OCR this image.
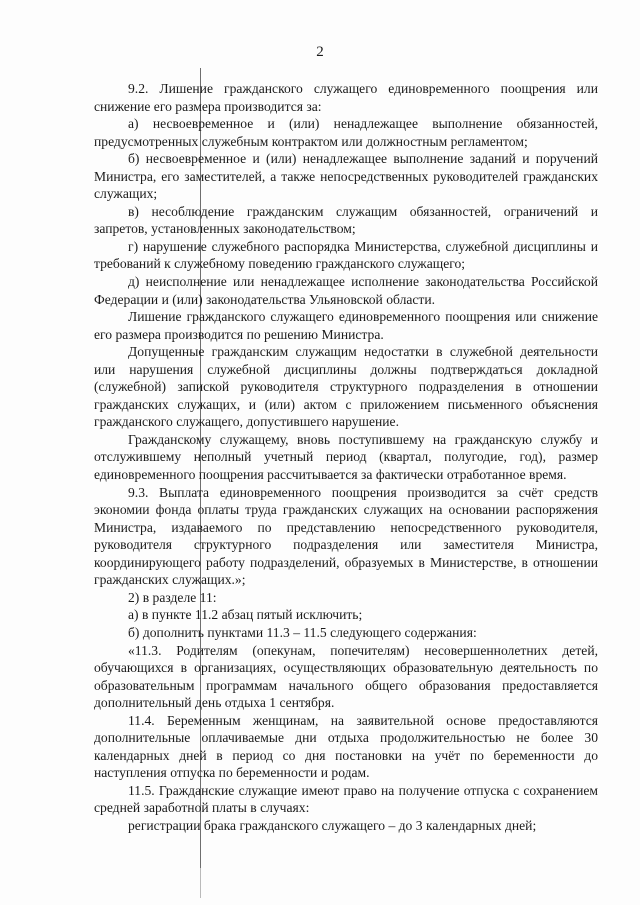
2

9.2. Лишение гражданского служащего единовременного поощрения или снижение его размера производится за:

а) несвоевременное и (или) ненадлежащее выполнение обязанностей, предусмотренных служебным контрактом или должностным регламентом;

б) несвоевременное и (или) ненадлежащее выполнение заданий и поручений Министра, его заместителей, а также непосредственных руководителей гражданских служащих;

в) несоблюдение гражданским служащим обязанностей, ограничений и запретов, установленных законодательством;

г) нарушение служебного распорядка Министерства, служебной дисциплины и требований к служебному поведению гражданского служащего;

д) неисполнение или ненадлежащее исполнение законодательства Российской Федерации и (или) законодательства Ульяновской области.

Лишение гражданского служащего единовременного поощрения или снижение его размера производится по решению Министра.

Допущенные гражданским служащим недостатки в служебной деятельности или нарушения служебной дисциплины должны подтверждаться докладной (служебной) запиской руководителя структурного подразделения в отношении гражданских служащих, и (или) актом с приложением письменного объяснения гражданского служащего, допустившего нарушение.

Гражданскому служащему, вновь поступившему на гражданскую службу и отслужившему неполный учетный период (квартал, полугодие, год), размер единовременного поощрения рассчитывается за фактически отработанное время.

9.3. Выплата единовременного поощрения производится за счёт средств экономии фонда оплаты труда гражданских служащих на основании распоряжения Министра, издаваемого по представлению непосредственного руководителя, руководителя структурного подразделения или заместителя Министра, координирующего работу подразделений, образуемых в Министерстве, в отношении гражданских служащих.»;

2) в разделе 11:

а) в пункте 11.2 абзац пятый исключить;

б) дополнить пунктами 11.3 – 11.5 следующего содержания:

«11.3. Родителям (опекунам, попечителям) несовершеннолетних детей, обучающихся в организациях, осуществляющих образовательную деятельность по образовательным программам начального общего образования предоставляется дополнительный день отдыха 1 сентября.

11.4. Беременным женщинам, на заявительной основе предоставляются дополнительные оплачиваемые дни отдыха продолжительностью не более 30 календарных дней в период со дня постановки на учёт по беременности до наступления отпуска по беременности и родам.

11.5. Гражданские служащие имеют право на получение отпуска с сохранением средней заработной платы в случаях:

регистрации брака гражданского служащего – до 3 календарных дней;
